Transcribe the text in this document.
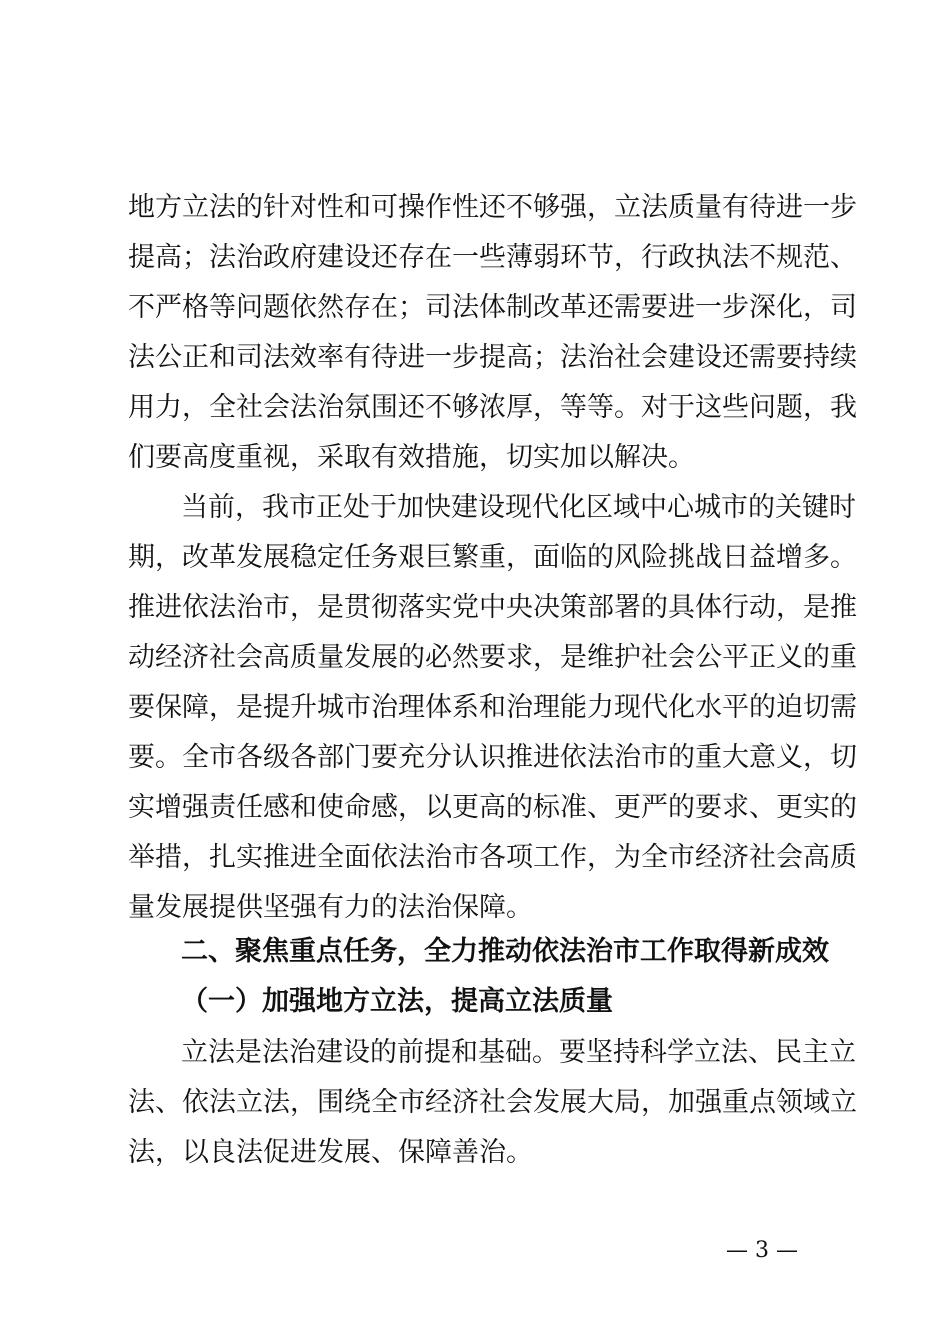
地方立法的针对性和可操作性还不够强，立法质量有待进一步
提高；法治政府建设还存在一些薄弱环节，行政执法不规范、
不严格等问题依然存在；司法体制改革还需要进一步深化，司
法公正和司法效率有待进一步提高；法治社会建设还需要持续
用力，全社会法治氛围还不够浓厚，等等。对于这些问题，我
们要高度重视，采取有效措施，切实加以解决。
当前，我市正处于加快建设现代化区域中心城市的关键时
期，改革发展稳定任务艰巨繁重，面临的风险挑战日益增多。
推进依法治市，是贯彻落实党中央决策部署的具体行动，是推
动经济社会高质量发展的必然要求，是维护社会公平正义的重
要保障，是提升城市治理体系和治理能力现代化水平的迫切需
要。全市各级各部门要充分认识推进依法治市的重大意义，切
实增强责任感和使命感，以更高的标准、更严的要求、更实的
举措，扎实推进全面依法治市各项工作，为全市经济社会高质
量发展提供坚强有力的法治保障。
二、聚焦重点任务，全力推动依法治市工作取得新成效
（一）加强地方立法，提高立法质量
立法是法治建设的前提和基础。要坚持科学立法、民主立
法、依法立法，围绕全市经济社会发展大局，加强重点领域立
法，以良法促进发展、保障善治。
— 3 —
